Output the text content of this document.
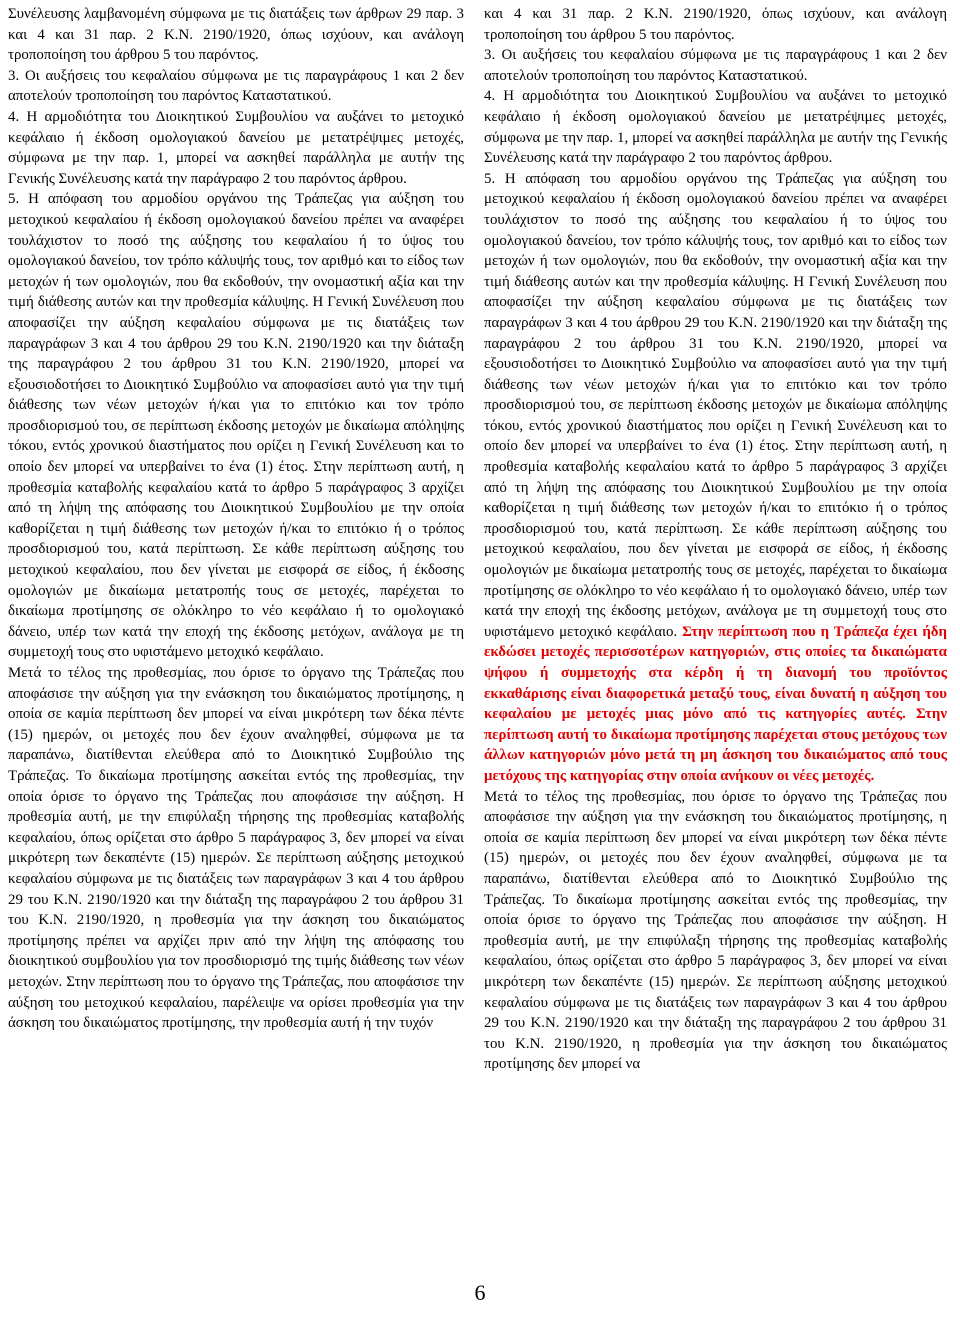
Συνέλευσης λαμβανομένη σύμφωνα με τις διατάξεις των άρθρων 29 παρ. 3 και 4 και 31 παρ. 2 Κ.Ν. 2190/1920, όπως ισχύουν, και ανάλογη τροποποίηση του άρθρου 5 του παρόντος.

3. Οι αυξήσεις του κεφαλαίου σύμφωνα με τις παραγράφους 1 και 2 δεν αποτελούν τροποποίηση του παρόντος Καταστατικού.

4. Η αρμοδιότητα του Διοικητικού Συμβουλίου να αυξάνει το μετοχικό κεφάλαιο ή έκδοση ομολογιακού δανείου με μετατρέψιμες μετοχές, σύμφωνα με την παρ. 1, μπορεί να ασκηθεί παράλληλα με αυτήν της Γενικής Συνέλευσης κατά την παράγραφο 2 του παρόντος άρθρου.

5. Η απόφαση του αρμοδίου οργάνου της Τράπεζας για αύξηση του μετοχικού κεφαλαίου ή έκδοση ομολογιακού δανείου πρέπει να αναφέρει τουλάχιστον το ποσό της αύξησης του κεφαλαίου ή το ύψος του ομολογιακού δανείου, τον τρόπο κάλυψής τους, τον αριθμό και το είδος των μετοχών ή των ομολογιών, που θα εκδοθούν, την ονομαστική αξία και την τιμή διάθεσης αυτών και την προθεσμία κάλυψης. Η Γενική Συνέλευση που αποφασίζει την αύξηση κεφαλαίου σύμφωνα με τις διατάξεις των παραγράφων 3 και 4 του άρθρου 29 του Κ.Ν. 2190/1920 και την διάταξη της παραγράφου 2 του άρθρου 31 του Κ.Ν. 2190/1920, μπορεί να εξουσιοδοτήσει το Διοικητικό Συμβούλιο να αποφασίσει αυτό για την τιμή διάθεσης των νέων μετοχών ή/και για το επιτόκιο και τον τρόπο προσδιορισμού του, σε περίπτωση έκδοσης μετοχών με δικαίωμα απόληψης τόκου, εντός χρονικού διαστήματος που ορίζει η Γενική Συνέλευση και το οποίο δεν μπορεί να υπερβαίνει το ένα (1) έτος. Στην περίπτωση αυτή, η προθεσμία καταβολής κεφαλαίου κατά το άρθρο 5 παράγραφος 3 αρχίζει από τη λήψη της απόφασης του Διοικητικού Συμβουλίου με την οποία καθορίζεται η τιμή διάθεσης των μετοχών ή/και το επιτόκιο ή ο τρόπος προσδιορισμού του, κατά περίπτωση. Σε κάθε περίπτωση αύξησης του μετοχικού κεφαλαίου, που δεν γίνεται με εισφορά σε είδος, ή έκδοσης ομολογιών με δικαίωμα μετατροπής τους σε μετοχές, παρέχεται το δικαίωμα προτίμησης σε ολόκληρο το νέο κεφάλαιο ή το ομολογιακό δάνειο, υπέρ των κατά την εποχή της έκδοσης μετόχων, ανάλογα με τη συμμετοχή τους στο υφιστάμενο μετοχικό κεφάλαιο.

Μετά το τέλος της προθεσμίας, που όρισε το όργανο της Τράπεζας που αποφάσισε την αύξηση για την ενάσκηση του δικαιώματος προτίμησης, η οποία σε καμία περίπτωση δεν μπορεί να είναι μικρότερη των δέκα πέντε (15) ημερών, οι μετοχές που δεν έχουν αναληφθεί, σύμφωνα με τα παραπάνω, διατίθενται ελεύθερα από το Διοικητικό Συμβούλιο της Τράπεζας. Το δικαίωμα προτίμησης ασκείται εντός της προθεσμίας, την οποία όρισε το όργανο της Τράπεζας που αποφάσισε την αύξηση. Η προθεσμία αυτή, με την επιφύλαξη τήρησης της προθεσμίας καταβολής κεφαλαίου, όπως ορίζεται στο άρθρο 5 παράγραφος 3, δεν μπορεί να είναι μικρότερη των δεκαπέντε (15) ημερών. Σε περίπτωση αύξησης μετοχικού κεφαλαίου σύμφωνα με τις διατάξεις των παραγράφων 3 και 4 του άρθρου 29 του Κ.Ν. 2190/1920 και την διάταξη της παραγράφου 2 του άρθρου 31 του Κ.Ν. 2190/1920, η προθεσμία για την άσκηση του δικαιώματος προτίμησης πρέπει να αρχίζει πριν από την λήψη της απόφασης του διοικητικού συμβουλίου για τον προσδιορισμό της τιμής διάθεσης των νέων μετοχών. Στην περίπτωση που το όργανο της Τράπεζας, που αποφάσισε την αύξηση του μετοχικού κεφαλαίου, παρέλειψε να ορίσει προθεσμία για την άσκηση του δικαιώματος προτίμησης, την προθεσμία αυτή ή την τυχόν

και 4 και 31 παρ. 2 Κ.Ν. 2190/1920, όπως ισχύουν, και ανάλογη τροποποίηση του άρθρου 5 του παρόντος.

3. Οι αυξήσεις του κεφαλαίου σύμφωνα με τις παραγράφους 1 και 2 δεν αποτελούν τροποποίηση του παρόντος Καταστατικού.

4. Η αρμοδιότητα του Διοικητικού Συμβουλίου να αυξάνει το μετοχικό κεφάλαιο ή έκδοση ομολογιακού δανείου με μετατρέψιμες μετοχές, σύμφωνα με την παρ. 1, μπορεί να ασκηθεί παράλληλα με αυτήν της Γενικής Συνέλευσης κατά την παράγραφο 2 του παρόντος άρθρου.

5. Η απόφαση του αρμοδίου οργάνου της Τράπεζας για αύξηση του μετοχικού κεφαλαίου ή έκδοση ομολογιακού δανείου πρέπει να αναφέρει τουλάχιστον το ποσό της αύξησης του κεφαλαίου ή το ύψος του ομολογιακού δανείου, τον τρόπο κάλυψής τους, τον αριθμό και το είδος των μετοχών ή των ομολογιών, που θα εκδοθούν, την ονομαστική αξία και την τιμή διάθεσης αυτών και την προθεσμία κάλυψης. Η Γενική Συνέλευση που αποφασίζει την αύξηση κεφαλαίου σύμφωνα με τις διατάξεις των παραγράφων 3 και 4 του άρθρου 29 του Κ.Ν. 2190/1920 και την διάταξη της παραγράφου 2 του άρθρου 31 του Κ.Ν. 2190/1920, μπορεί να εξουσιοδοτήσει το Διοικητικό Συμβούλιο να αποφασίσει αυτό για την τιμή διάθεσης των νέων μετοχών ή/και για το επιτόκιο και τον τρόπο προσδιορισμού του, σε περίπτωση έκδοσης μετοχών με δικαίωμα απόληψης τόκου, εντός χρονικού διαστήματος που ορίζει η Γενική Συνέλευση και το οποίο δεν μπορεί να υπερβαίνει το ένα (1) έτος. Στην περίπτωση αυτή, η προθεσμία καταβολής κεφαλαίου κατά το άρθρο 5 παράγραφος 3 αρχίζει από τη λήψη της απόφασης του Διοικητικού Συμβουλίου με την οποία καθορίζεται η τιμή διάθεσης των μετοχών ή/και το επιτόκιο ή ο τρόπος προσδιορισμού του, κατά περίπτωση. Σε κάθε περίπτωση αύξησης του μετοχικού κεφαλαίου, που δεν γίνεται με εισφορά σε είδος, ή έκδοσης ομολογιών με δικαίωμα μετατροπής τους σε μετοχές, παρέχεται το δικαίωμα προτίμησης σε ολόκληρο το νέο κεφάλαιο ή το ομολογιακό δάνειο, υπέρ των κατά την εποχή της έκδοσης μετόχων, ανάλογα με τη συμμετοχή τους στο υφιστάμενο μετοχικό κεφάλαιο. Στην περίπτωση που η Τράπεζα έχει ήδη εκδώσει μετοχές περισσοτέρων κατηγοριών, στις οποίες τα δικαιώματα ψήφου ή συμμετοχής στα κέρδη ή τη διανομή του προϊόντος εκκαθάρισης είναι διαφορετικά μεταξύ τους, είναι δυνατή η αύξηση του κεφαλαίου με μετοχές μιας μόνο από τις κατηγορίες αυτές. Στην περίπτωση αυτή το δικαίωμα προτίμησης παρέχεται στους μετόχους των άλλων κατηγοριών μόνο μετά τη μη άσκηση του δικαιώματος από τους μετόχους της κατηγορίας στην οποία ανήκουν οι νέες μετοχές.

Μετά το τέλος της προθεσμίας, που όρισε το όργανο της Τράπεζας που αποφάσισε την αύξηση για την ενάσκηση του δικαιώματος προτίμησης, η οποία σε καμία περίπτωση δεν μπορεί να είναι μικρότερη των δέκα πέντε (15) ημερών, οι μετοχές που δεν έχουν αναληφθεί, σύμφωνα με τα παραπάνω, διατίθενται ελεύθερα από το Διοικητικό Συμβούλιο της Τράπεζας. Το δικαίωμα προτίμησης ασκείται εντός της προθεσμίας, την οποία όρισε το όργανο της Τράπεζας που αποφάσισε την αύξηση. Η προθεσμία αυτή, με την επιφύλαξη τήρησης της προθεσμίας καταβολής κεφαλαίου, όπως ορίζεται στο άρθρο 5 παράγραφος 3, δεν μπορεί να είναι μικρότερη των δεκαπέντε (15) ημερών. Σε περίπτωση αύξησης μετοχικού κεφαλαίου σύμφωνα με τις διατάξεις των παραγράφων 3 και 4 του άρθρου 29 του Κ.Ν. 2190/1920 και την διάταξη της παραγράφου 2 του άρθρου 31 του Κ.Ν. 2190/1920, η προθεσμία για την άσκηση του δικαιώματος προτίμησης δεν μπορεί να

6
